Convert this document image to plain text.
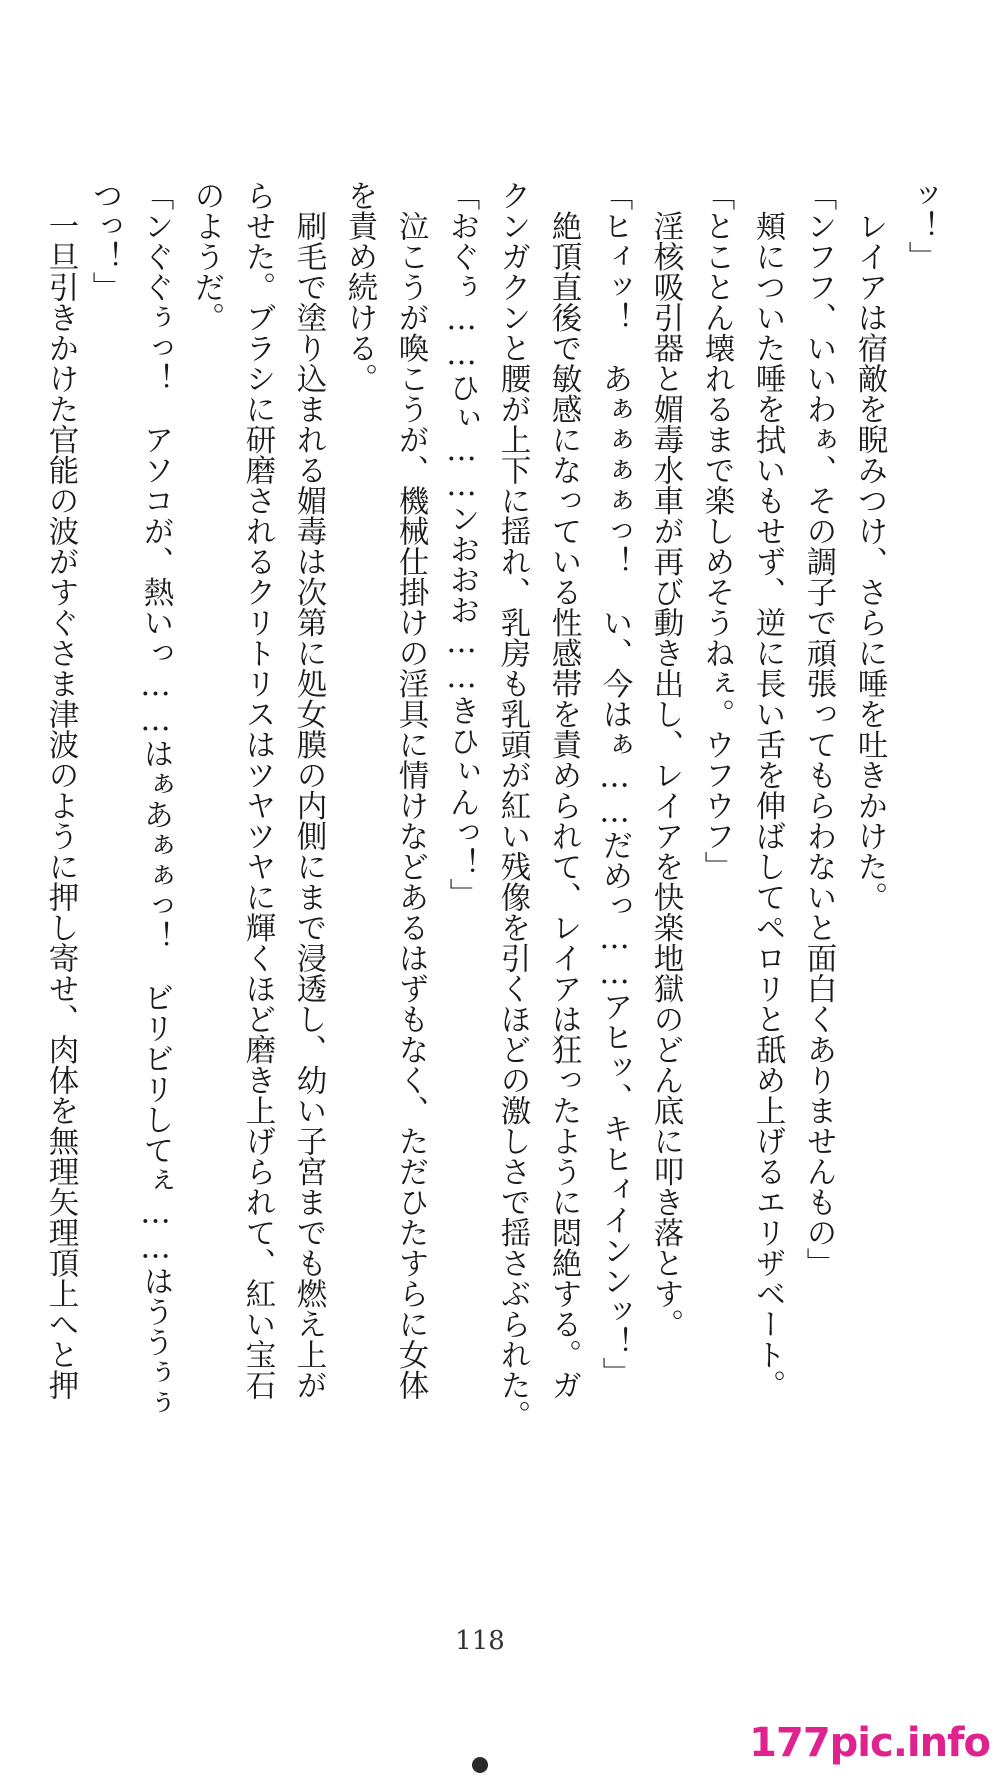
ッ！」
　レイアは宿敵を睨みつけ、さらに唾を吐きかけた。
「ンフフ、いいわぁ、その調子で頑張ってもらわないと面白くありませんもの」
　頬についた唾を拭いもせず、逆に長い舌を伸ばしてペロリと舐め上げるエリザベート。
「とことん壊れるまで楽しめそうねぇ。ウフウフ」
　淫核吸引器と媚毒水車が再び動き出し、レイアを快楽地獄のどん底に叩き落とす。
「ヒィッ！　あぁぁぁぁっ！　い、今はぁ……だめっ……アヒッ、キヒィインンッ！」
　絶頂直後で敏感になっている性感帯を責められて、レイアは狂ったように悶絶する。ガ
クンガクンと腰が上下に揺れ、乳房も乳頭が紅い残像を引くほどの激しさで揺さぶられた。
「おぐぅ……ひぃ……ンおおお……きひぃんっ！」
　泣こうが喚こうが、機械仕掛けの淫具に情けなどあるはずもなく、ただひたすらに女体
を責め続ける。
　刷毛で塗り込まれる媚毒は次第に処女膜の内側にまで浸透し、幼い子宮までも燃え上が
らせた。ブラシに研磨されるクリトリスはツヤツヤに輝くほど磨き上げられて、紅い宝石
のようだ。
「ンぐぐぅっ！　アソコが、熱いっ……はぁあぁぁっ！　ビリビリしてぇ……はううぅぅ
つっ！」
　一旦引きかけた官能の波がすぐさま津波のように押し寄せ、肉体を無理矢理頂上へと押
118
177pic.info
